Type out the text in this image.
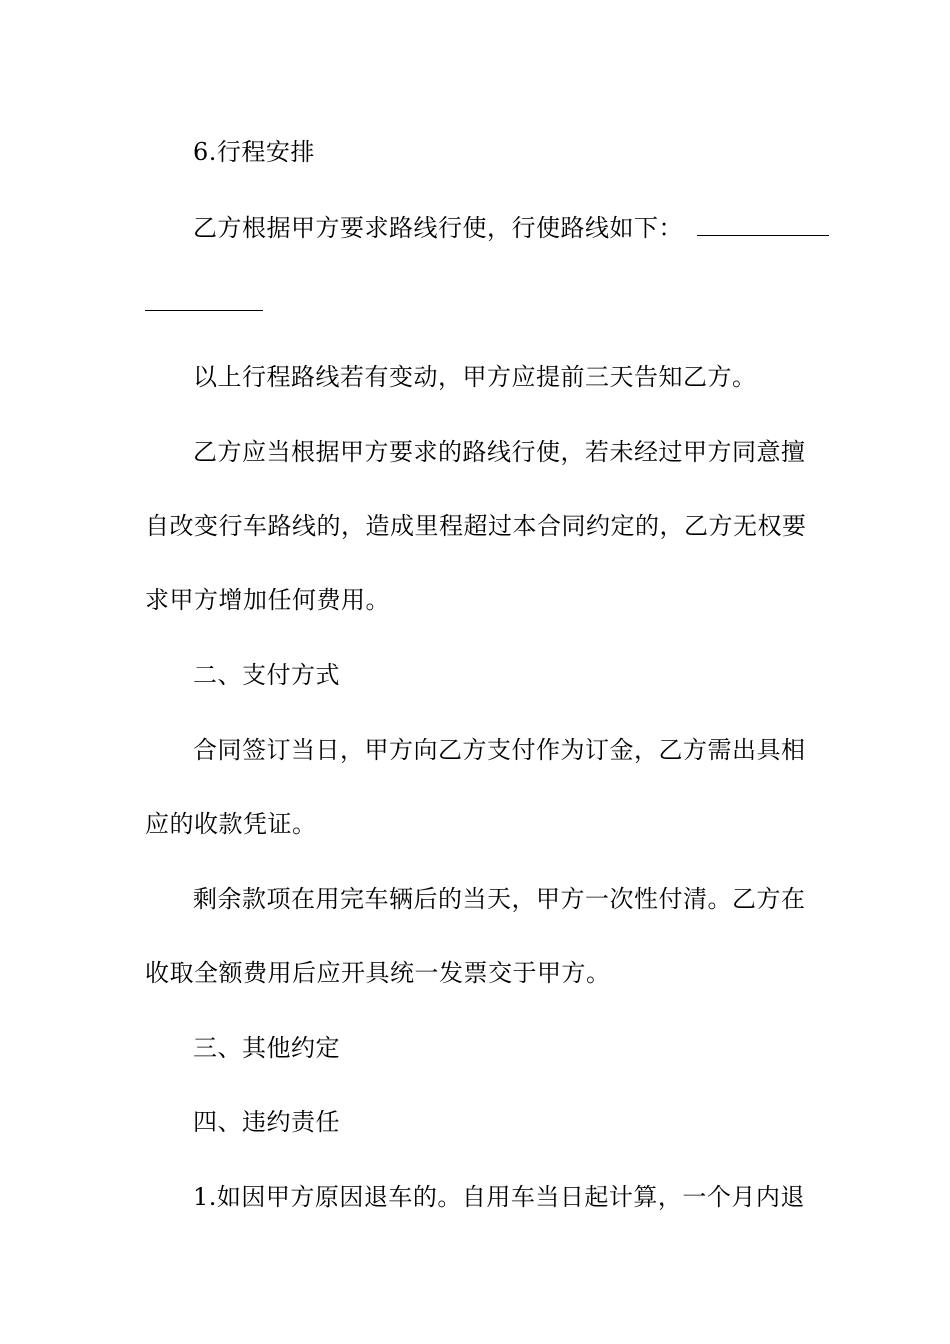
6.行程安排
乙方根据甲方要求路线行使，行使路线如下：
以上行程路线若有变动，甲方应提前三天告知乙方。
乙方应当根据甲方要求的路线行使，若未经过甲方同意擅
自改变行车路线的，造成里程超过本合同约定的，乙方无权要
求甲方增加任何费用。
二、支付方式
合同签订当日，甲方向乙方支付作为订金，乙方需出具相
应的收款凭证。
剩余款项在用完车辆后的当天，甲方一次性付清。乙方在
收取全额费用后应开具统一发票交于甲方。
三、其他约定
四、违约责任
1.如因甲方原因退车的。自用车当日起计算，一个月内退
